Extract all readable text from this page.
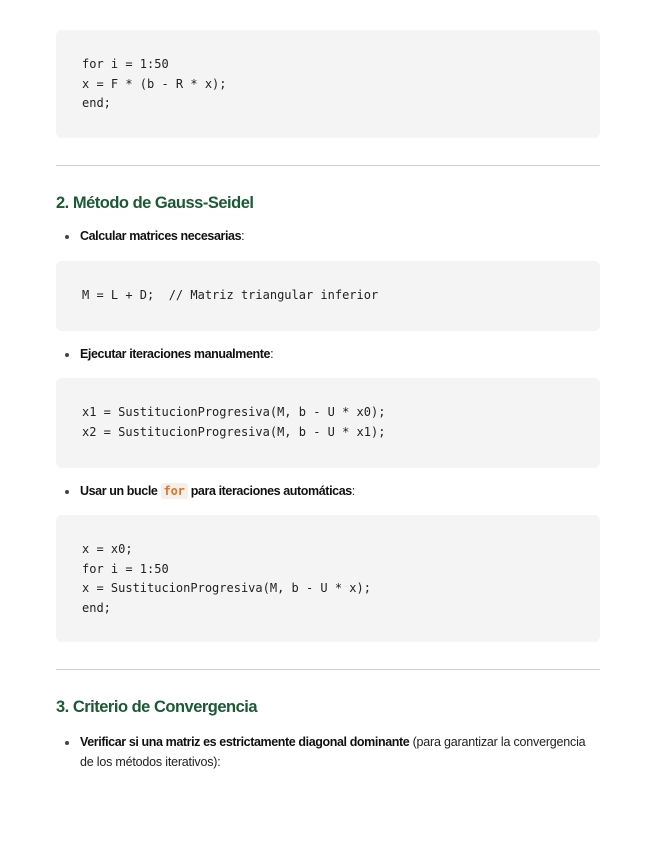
for i = 1:50
x = F * (b - R * x);
end;
2. Método de Gauss-Seidel
Calcular matrices necesarias:
M = L + D;  // Matriz triangular inferior
Ejecutar iteraciones manualmente:
x1 = SustitucionProgresiva(M, b - U * x0);
x2 = SustitucionProgresiva(M, b - U * x1);
Usar un bucle for para iteraciones automáticas:
x = x0;
for i = 1:50
x = SustitucionProgresiva(M, b - U * x);
end;
3. Criterio de Convergencia
Verificar si una matriz es estrictamente diagonal dominante (para garantizar la convergencia de los métodos iterativos):
